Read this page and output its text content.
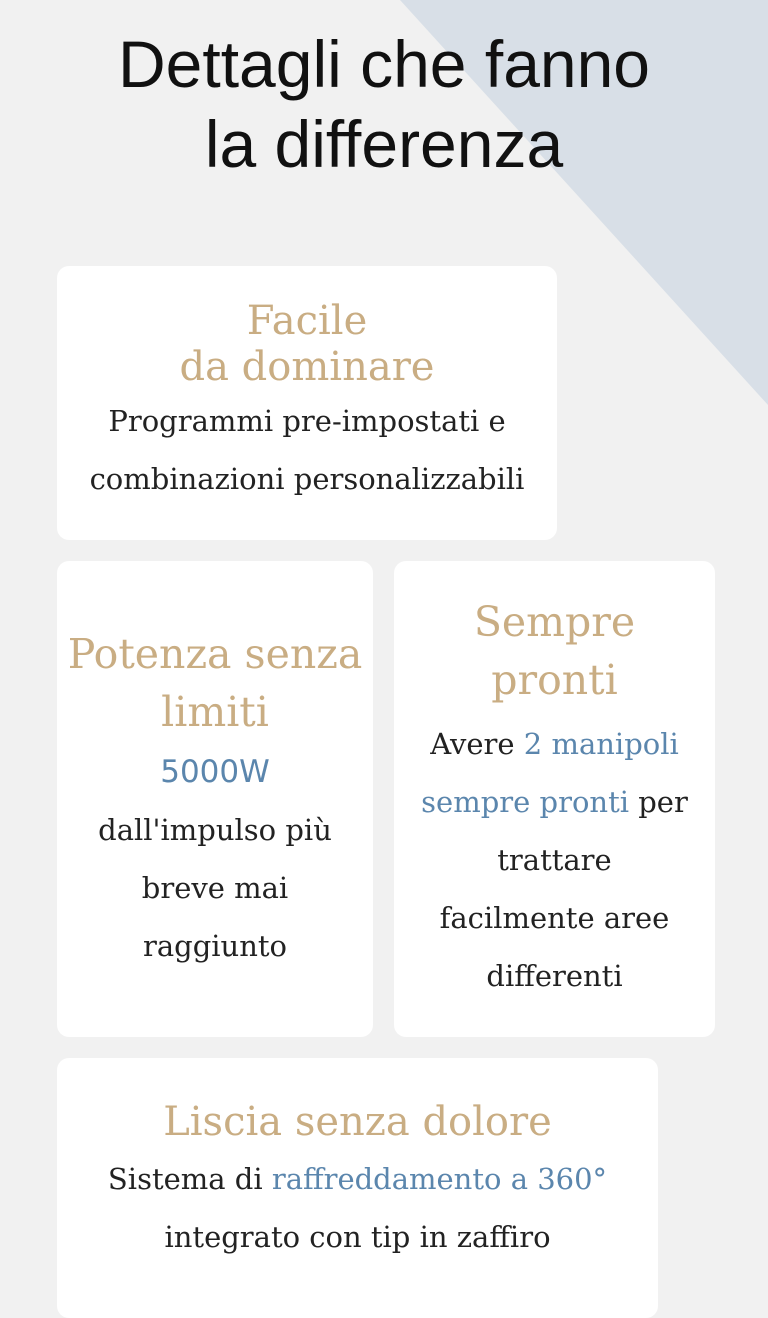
Dettagli che fanno
la differenza
Facile
da dominare

Programmi pre-impostati e
combinazioni personalizzabili

Potenza senza
limiti

5000W
dall'impulso più
breve mai
raggiunto

Sempre
pronti

Avere 2 manipoli
sempre pronti per
trattare
facilmente aree
differenti

Liscia senza dolore

Sistema di raffreddamento a 360°
integrato con tip in zaffiro
